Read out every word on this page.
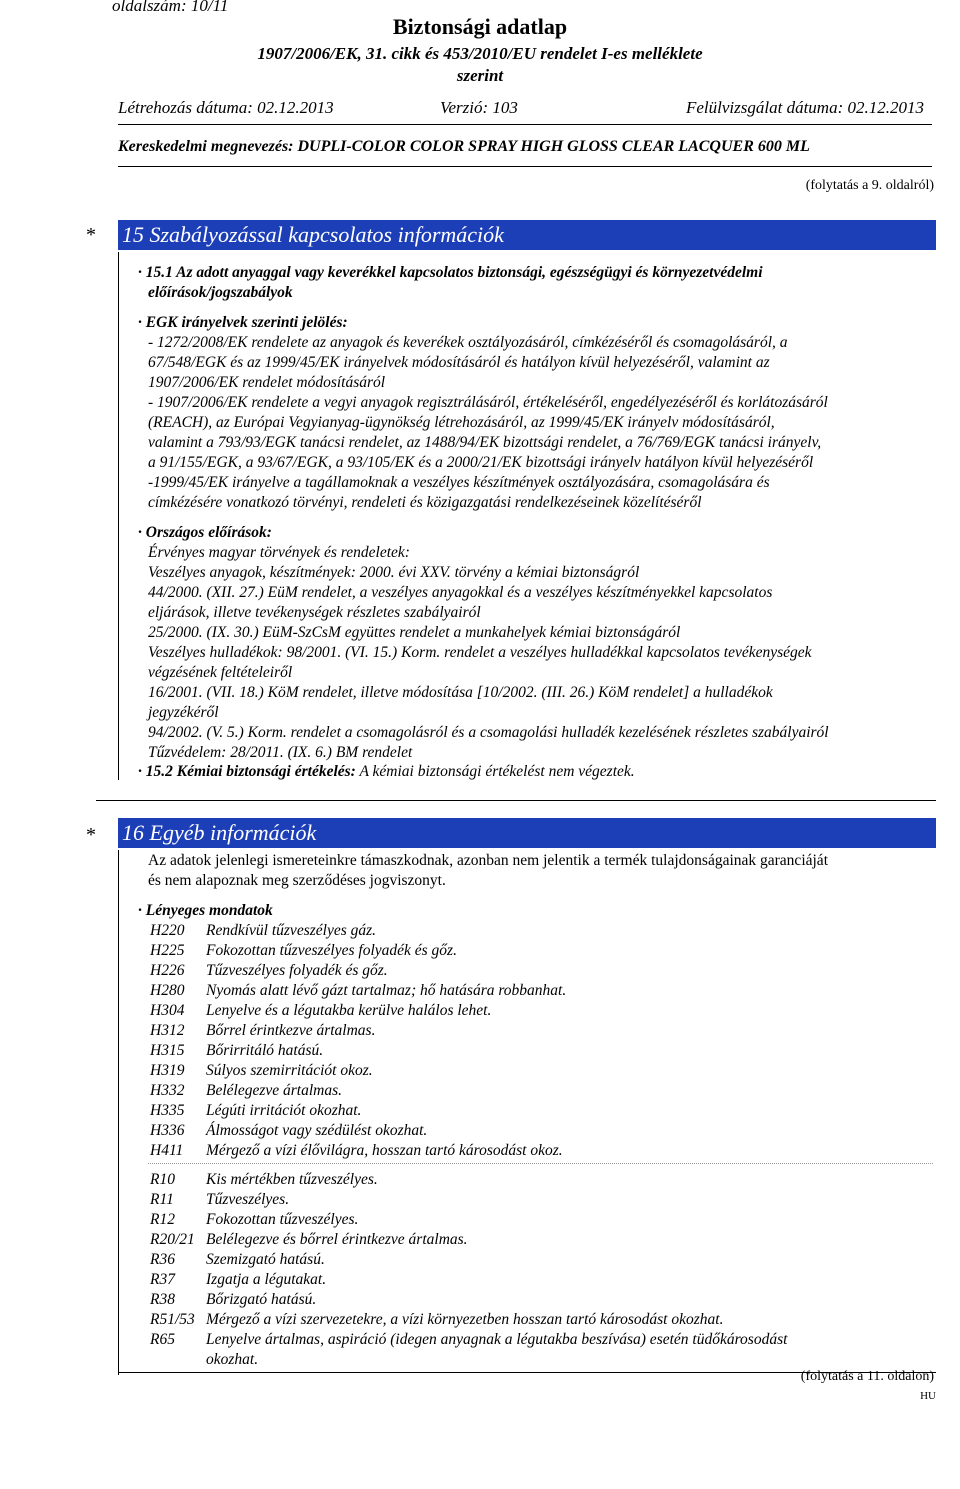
oldalszám: 10/11
Biztonsági adatlap
1907/2006/EK, 31. cikk és 453/2010/EU rendelet I-es melléklete
szerint
Létrehozás dátuma: 02.12.2013	Verzió: 103	Felülvizsgálat dátuma: 02.12.2013
Kereskedelmi megnevezés: DUPLI-COLOR COLOR SPRAY HIGH GLOSS CLEAR LACQUER 600 ML
(folytatás a 9. oldalról)
* 15 Szabályozással kapcsolatos információk
· 15.1 Az adott anyaggal vagy keverékkel kapcsolatos biztonsági, egészségügyi és környezetvédelmi
előírások/jogszabályok
· EGK irányelvek szerinti jelölés:
- 1272/2008/EK rendelete az anyagok és keverékek osztályozásáról, címkézéséről és csomagolásáról, a
67/548/EGK és az 1999/45/EK irányelvek módosításáról és hatályon kívül helyezéséről, valamint az
1907/2006/EK rendelet módosításáról
- 1907/2006/EK rendelete a vegyi anyagok regisztrálásáról, értékeléséről, engedélyezéséről és korlátozásáról
(REACH), az Európai Vegyianyag-ügynökség létrehozásáról, az 1999/45/EK irányelv módosításáról,
valamint a 793/93/EGK tanácsi rendelet, az 1488/94/EK bizottsági rendelet, a 76/769/EGK tanácsi irányelv,
a 91/155/EGK, a 93/67/EGK, a 93/105/EK és a 2000/21/EK bizottsági irányelv hatályon kívül helyezéséről
-1999/45/EK irányelve a tagállamoknak a veszélyes készítmények osztályozására, csomagolására és
címkézésére vonatkozó törvényi, rendeleti és közigazgatási rendelkezéseinek közelítéséről
· Országos előírások:
Érvényes magyar törvények és rendeletek:
Veszélyes anyagok, készítmények: 2000. évi XXV. törvény a kémiai biztonságról
44/2000. (XII. 27.) EüM rendelet, a veszélyes anyagokkal és a veszélyes készítményekkel kapcsolatos
eljárások, illetve tevékenységek részletes szabályairól
25/2000. (IX. 30.) EüM-SzCsM együttes rendelet a munkahelyek kémiai biztonságáról
Veszélyes hulladékok: 98/2001. (VI. 15.) Korm. rendelet a veszélyes hulladékkal kapcsolatos tevékenységek
végzésének feltételeiről
16/2001. (VII. 18.) KöM rendelet, illetve módosítása [10/2002. (III. 26.) KöM rendelet] a hulladékok
jegyzékéről
94/2002. (V. 5.) Korm. rendelet a csomagolásról és a csomagolási hulladék kezelésének részletes szabályairól
Tűzvédelem: 28/2011. (IX. 6.) BM rendelet
· 15.2 Kémiai biztonsági értékelés: A kémiai biztonsági értékelést nem végeztek.
* 16 Egyéb információk
Az adatok jelenlegi ismereteinkre támaszkodnak, azonban nem jelentik a termék tulajdonságainak garanciáját
és nem alapoznak meg szerződéses jogviszonyt.
· Lényeges mondatok
H220 Rendkívül tűzveszélyes gáz.
H225 Fokozottan tűzveszélyes folyadék és gőz.
H226 Tűzveszélyes folyadék és gőz.
H280 Nyomás alatt lévő gázt tartalmaz; hő hatására robbanhat.
H304 Lenyelve és a légutakba kerülve halálos lehet.
H312 Bőrrel érintkezve ártalmas.
H315 Bőrirritáló hatású.
H319 Súlyos szemirritációt okoz.
H332 Belélegezve ártalmas.
H335 Légúti irritációt okozhat.
H336 Álmosságot vagy szédülést okozhat.
H411 Mérgező a vízi élővilágra, hosszan tartó károsodást okoz.
R10 Kis mértékben tűzveszélyes.
R11 Tűzveszélyes.
R12 Fokozottan tűzveszélyes.
R20/21 Belélegezve és bőrrel érintkezve ártalmas.
R36 Szemizgató hatású.
R37 Izgatja a légutakat.
R38 Bőrizgató hatású.
R51/53 Mérgező a vízi szervezetekre, a vízi környezetben hosszan tartó károsodást okozhat.
R65 Lenyelve ártalmas, aspiráció (idegen anyagnak a légutakba beszívása) esetén tüdőkárosodást
okozhat.
(folytatás a 11. oldalon)
HU
